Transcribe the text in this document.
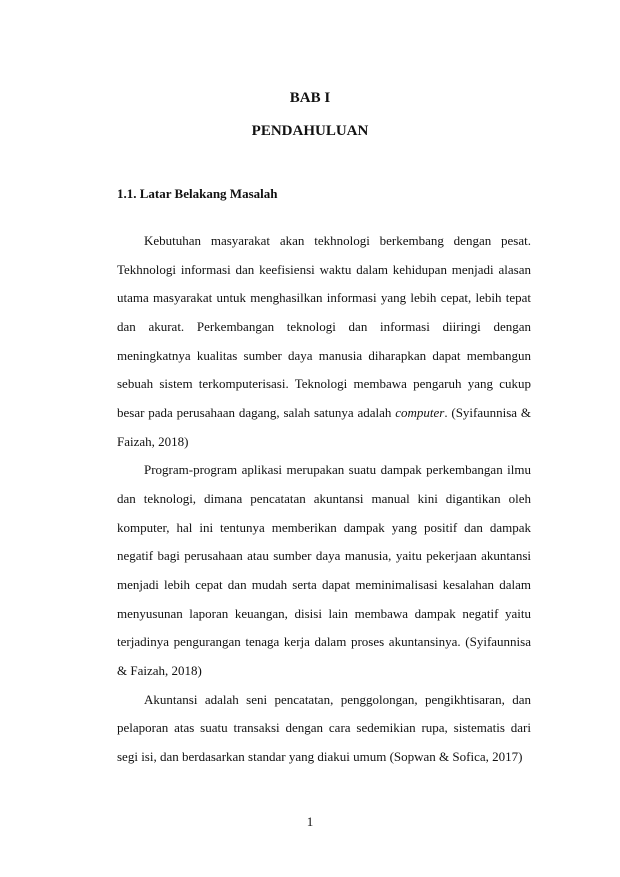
BAB I
PENDAHULUAN
1.1. Latar Belakang Masalah

Kebutuhan masyarakat akan tekhnologi berkembang dengan pesat. Tekhnologi informasi dan keefisiensi waktu dalam kehidupan menjadi alasan utama masyarakat untuk menghasilkan informasi yang lebih cepat, lebih tepat dan akurat. Perkembangan teknologi dan informasi diiringi dengan meningkatnya kualitas sumber daya manusia diharapkan dapat membangun sebuah sistem terkomputerisasi. Teknologi membawa pengaruh yang cukup besar pada perusahaan dagang, salah satunya adalah computer. (Syifaunnisa & Faizah, 2018)

Program-program aplikasi merupakan suatu dampak perkembangan ilmu dan teknologi, dimana pencatatan akuntansi manual kini digantikan oleh komputer, hal ini tentunya memberikan dampak yang positif dan dampak negatif bagi perusahaan atau sumber daya manusia, yaitu pekerjaan akuntansi menjadi lebih cepat dan mudah serta dapat meminimalisasi kesalahan dalam menyusunan laporan keuangan, disisi lain membawa dampak negatif yaitu terjadinya pengurangan tenaga kerja dalam proses akuntansinya. (Syifaunnisa & Faizah, 2018)

Akuntansi adalah seni pencatatan, penggolongan, pengikhtisaran, dan pelaporan atas suatu transaksi dengan cara sedemikian rupa, sistematis dari segi isi, dan berdasarkan standar yang diakui umum (Sopwan & Sofica, 2017)

1
